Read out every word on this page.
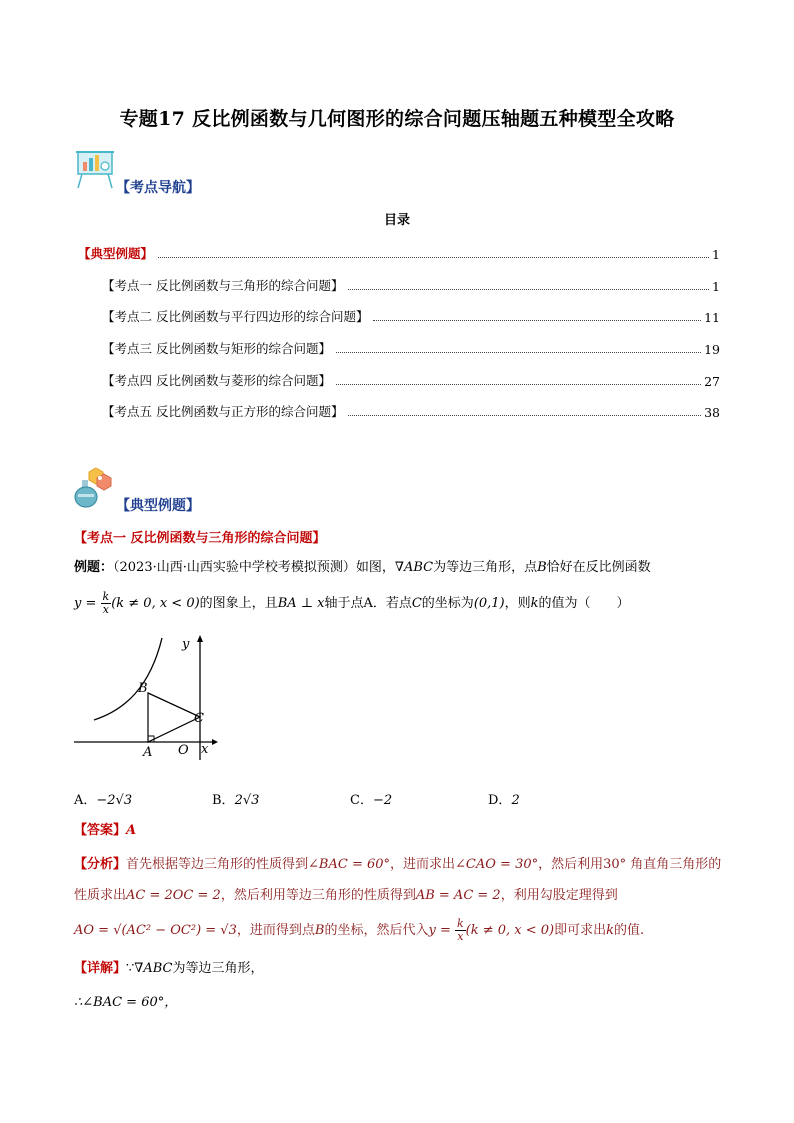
专题17 反比例函数与几何图形的综合问题压轴题五种模型全攻略
【考点导航】
目录
【典型例题】	1
【考点一 反比例函数与三角形的综合问题】	1
【考点二 反比例函数与平行四边形的综合问题】	11
【考点三 反比例函数与矩形的综合问题】	19
【考点四 反比例函数与菱形的综合问题】	27
【考点五 反比例函数与正方形的综合问题】	38
【典型例题】
【考点一 反比例函数与三角形的综合问题】
例题：（2023·山西·山西实验中学校考模拟预测）如图，∇ABC为等边三角形，点B恰好在反比例函数
$y = \frac{k}{x} (k \ne 0$, x < 0)的图象上，且BA ⊥ x轴于点A．若点C的坐标为(0,1)，则k的值为（　　）
y
x
B
C
A O
A．−2√3	B．2√3	C．−2	D．2
【答案】A
【分析】首先根据等边三角形的性质得到∠BAC = 60°，进而求出∠CAO = 30°，然后利用30° 角直角三角形的
性质求出AC = 2OC = 2，然后利用等边三角形的性质得到AB = AC = 2，利用勾股定理得到
AO = √(AC² − OC²) = √3，进而得到点B的坐标，然后代入$y = \frac{k}{x} (k \ne 0$, x < 0)即可求出k的值.
【详解】∵∇ABC为等边三角形，
∴∠BAC = 60°，
